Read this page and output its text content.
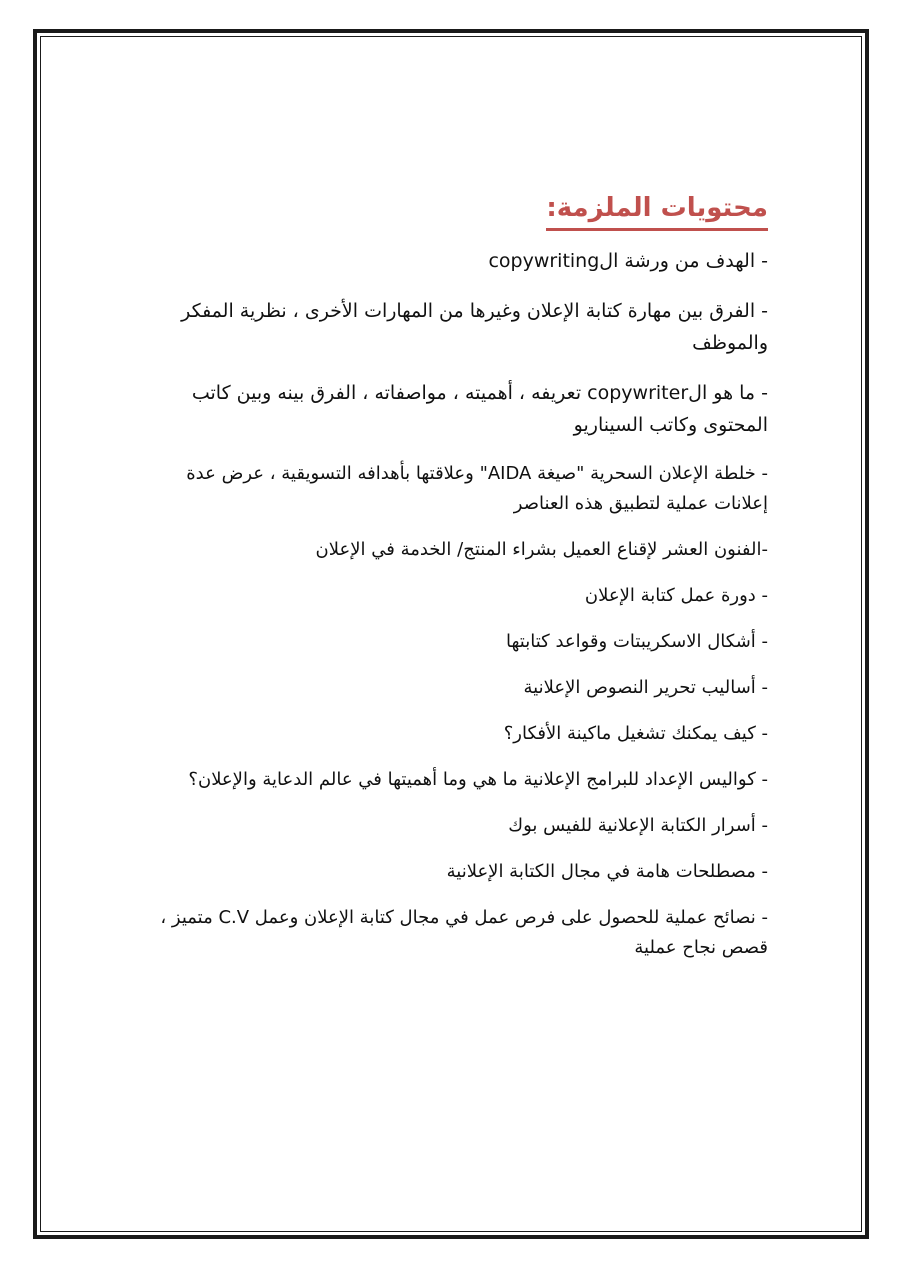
محتويات الملزمة:
- الهدف من ورشة الcopywriting
- الفرق بين مهارة كتابة الإعلان وغيرها من المهارات الأخرى ، نظرية المفكر والموظف
- ما هو الcopywriter تعريفه ، أهميته ، مواصفاته ، الفرق بينه وبين كاتب المحتوى وكاتب السيناريو
- خلطة الإعلان السحرية "صيغة AIDA" وعلاقتها بأهدافه التسويقية ، عرض عدة إعلانات عملية لتطبيق هذه العناصر
-الفنون العشر لإقناع العميل بشراء المنتج/ الخدمة في الإعلان
- دورة عمل كتابة الإعلان
- أشكال الاسكريبتات وقواعد كتابتها
- أساليب تحرير النصوص الإعلانية
- كيف يمكنك تشغيل ماكينة الأفكار؟
- كواليس الإعداد للبرامج الإعلانية ما هي وما أهميتها في عالم الدعاية والإعلان؟
- أسرار الكتابة الإعلانية للفيس بوك
- مصطلحات هامة في مجال الكتابة الإعلانية
- نصائح عملية للحصول على فرص عمل في مجال كتابة الإعلان وعمل C.V متميز ، قصص نجاح عملية
